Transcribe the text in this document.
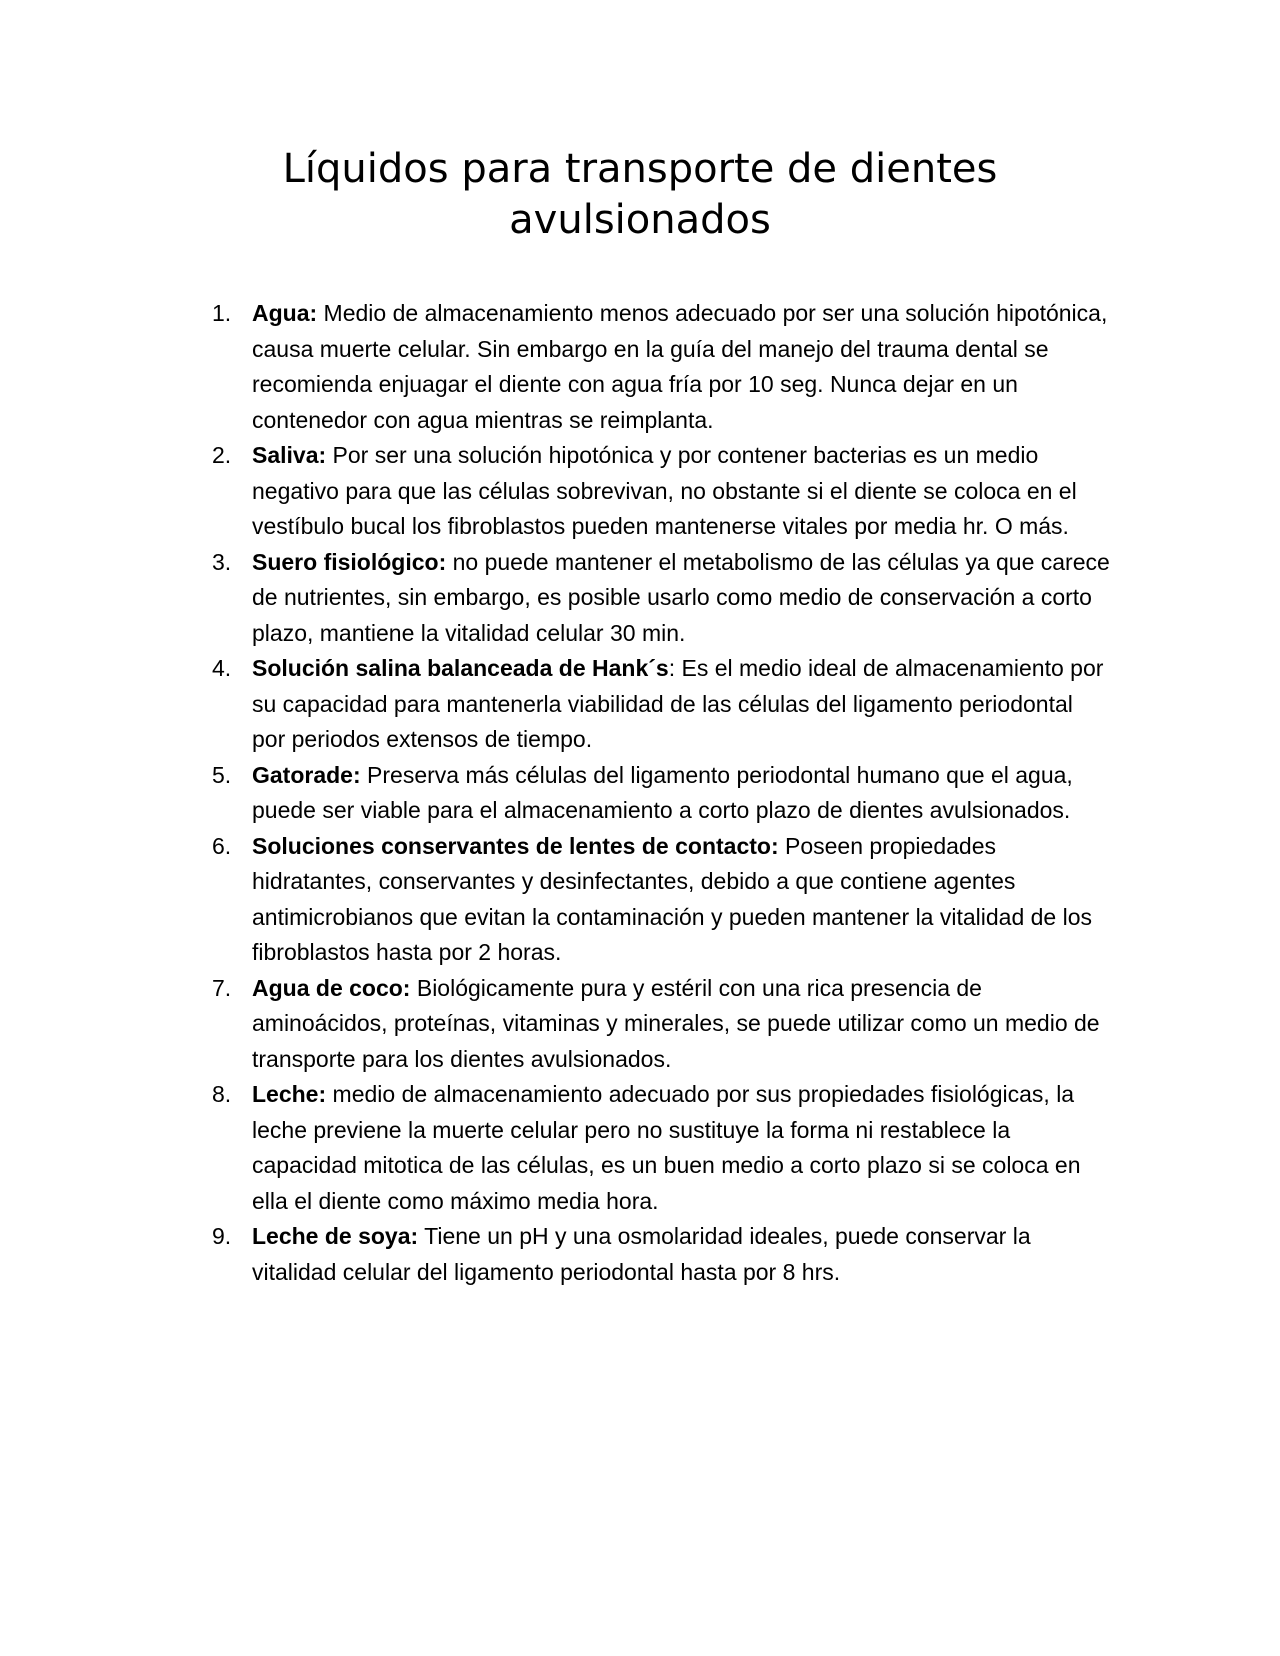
Líquidos para transporte de dientes
avulsionados
1. Agua: Medio de almacenamiento menos adecuado por ser una solución hipotónica, causa muerte celular. Sin embargo en la guía del manejo del trauma dental se recomienda enjuagar el diente con agua fría por 10 seg. Nunca dejar en un contenedor con agua mientras se reimplanta.
2. Saliva: Por ser una solución hipotónica y por contener bacterias es un medio negativo para que las células sobrevivan, no obstante si el diente se coloca en el vestíbulo bucal los fibroblastos pueden mantenerse vitales por media hr. O más.
3. Suero fisiológico: no puede mantener el metabolismo de las células ya que carece de nutrientes, sin embargo, es posible usarlo como medio de conservación a corto plazo, mantiene la vitalidad celular 30 min.
4. Solución salina balanceada de Hank´s: Es el medio ideal de almacenamiento por su capacidad para mantenerla viabilidad de las células del ligamento periodontal por periodos extensos de tiempo.
5. Gatorade: Preserva más células del ligamento periodontal humano que el agua, puede ser viable para el almacenamiento a corto plazo de dientes avulsionados.
6. Soluciones conservantes de lentes de contacto: Poseen propiedades hidratantes, conservantes y desinfectantes, debido a que contiene agentes antimicrobianos que evitan la contaminación y pueden mantener la vitalidad de los fibroblastos hasta por 2 horas.
7. Agua de coco: Biológicamente pura y estéril con una rica presencia de aminoácidos, proteínas, vitaminas y minerales, se puede utilizar como un medio de transporte para los dientes avulsionados.
8. Leche: medio de almacenamiento adecuado por sus propiedades fisiológicas, la leche previene la muerte celular pero no sustituye la forma ni restablece la capacidad mitotica de las células, es un buen medio a corto plazo si se coloca en ella el diente como máximo media hora.
9. Leche de soya: Tiene un pH y una osmolaridad ideales, puede conservar la vitalidad celular del ligamento periodontal hasta por 8 hrs.
